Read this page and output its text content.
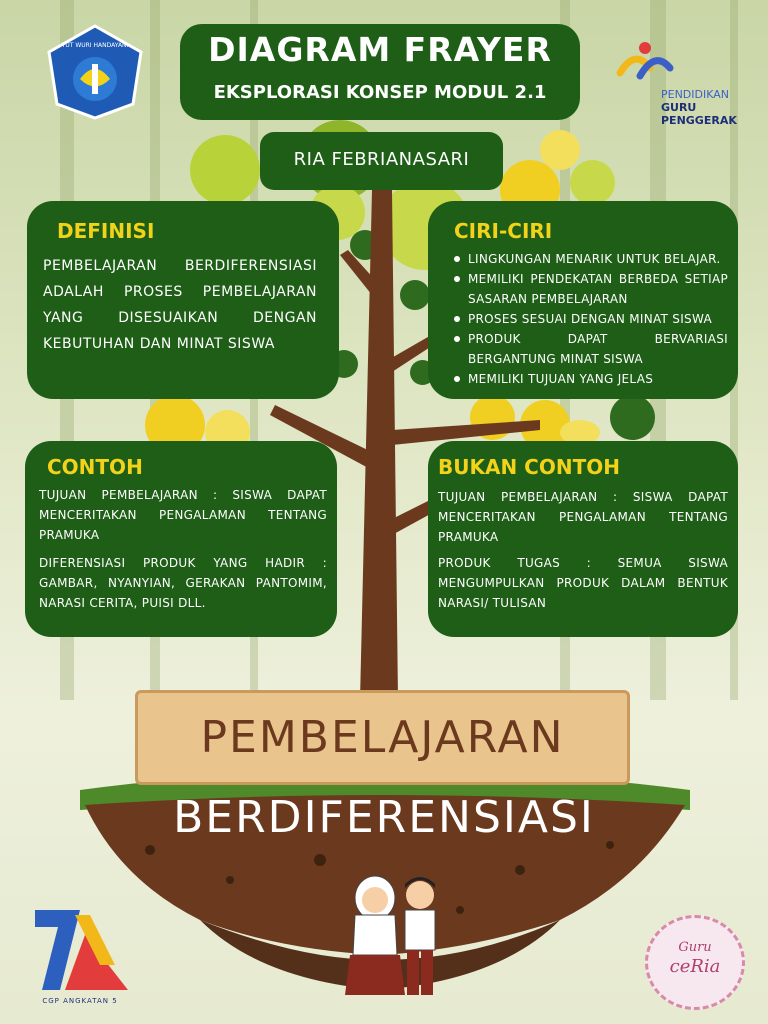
PEMBELAJARAN
BERDIFERENSIASI
DIAGRAM FRAYER
EKSPLORASI KONSEP MODUL 2.1
RIA FEBRIANASARI
TUT WURI HANDAYANI
PENDIDIKAN
GURU
PENGGERAK
DEFINISI
PEMBELAJARAN BERDIFERENSIASI ADALAH PROSES PEMBELAJARAN YANG DISESUAIKAN DENGAN KEBUTUHAN DAN MINAT SISWA
CIRI-CIRI
LINGKUNGAN MENARIK UNTUK BELAJAR.
MEMILIKI PENDEKATAN BERBEDA SETIAP SASARAN PEMBELAJARAN
PROSES SESUAI DENGAN MINAT SISWA
PRODUK DAPAT BERVARIASI BERGANTUNG MINAT SISWA
MEMILIKI TUJUAN YANG JELAS
CONTOH
TUJUAN PEMBELAJARAN : SISWA DAPAT MENCERITAKAN PENGALAMAN TENTANG PRAMUKA
DIFERENSIASI PRODUK YANG HADIR : GAMBAR, NYANYIAN, GERAKAN PANTOMIM, NARASI CERITA, PUISI DLL.
BUKAN CONTOH
TUJUAN PEMBELAJARAN : SISWA DAPAT MENCERITAKAN PENGALAMAN TENTANG PRAMUKA
PRODUK TUGAS : SEMUA SISWA MENGUMPULKAN PRODUK DALAM BENTUK NARASI/ TULISAN
CGP ANGKATAN 5
Guru
ceRia
